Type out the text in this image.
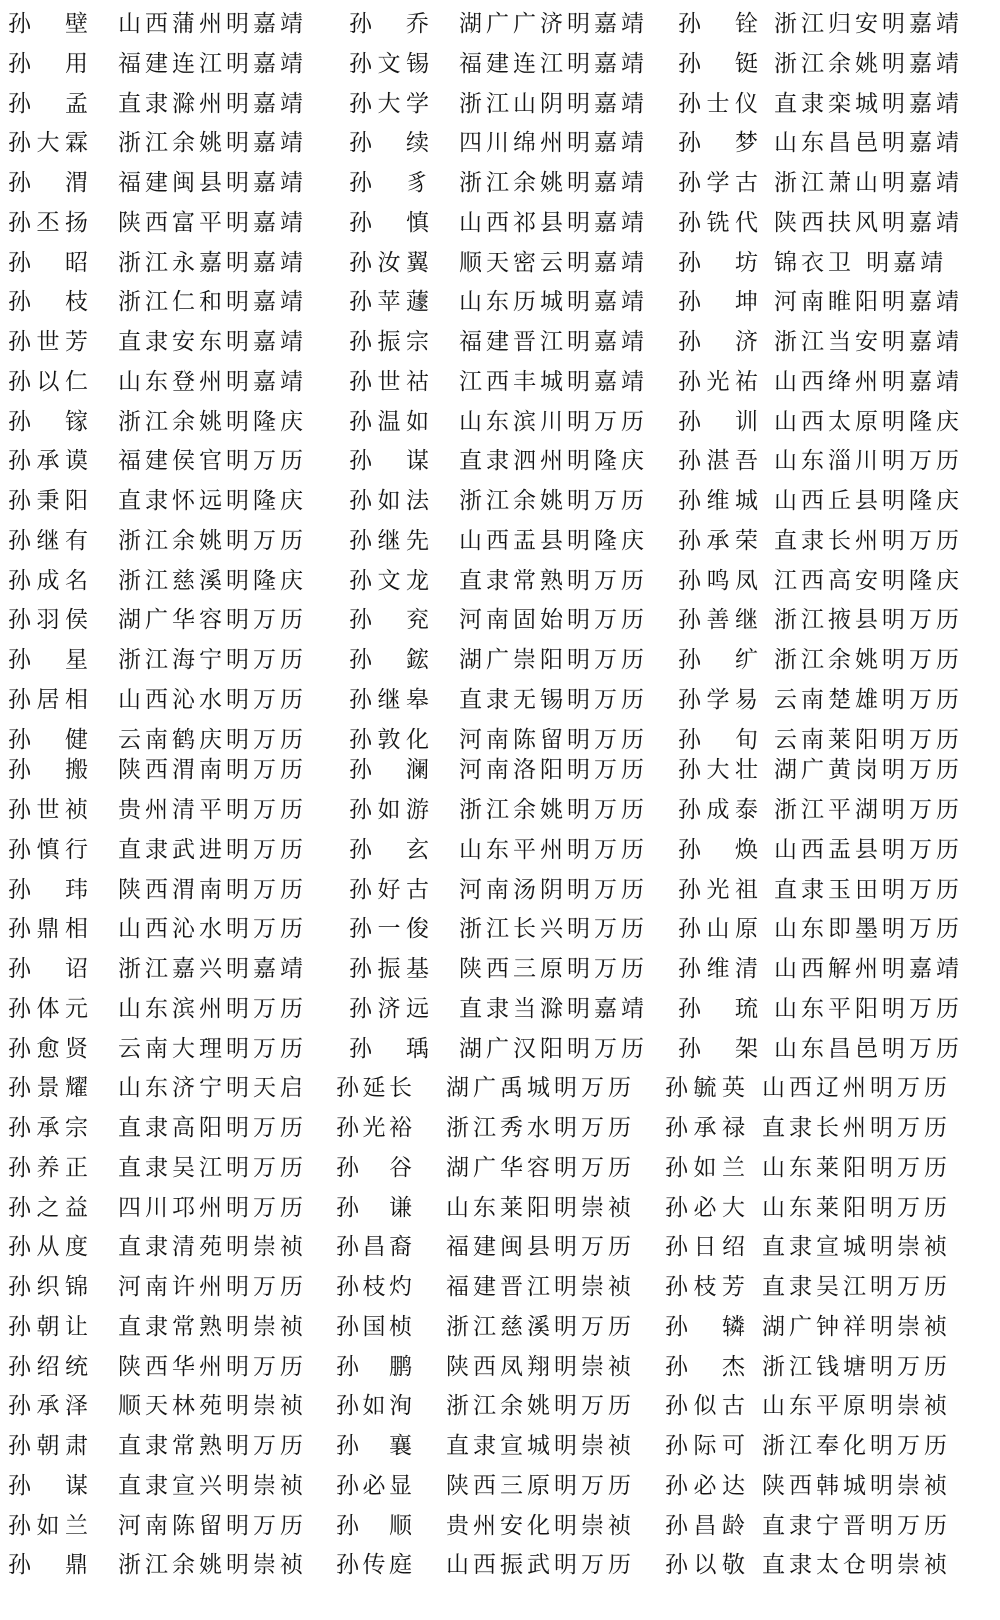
孙 壁 山西蒲州明嘉靖 孙 乔 湖广广济明嘉靖 孙 铨 浙江归安明嘉靖
孙 用 福建连江明嘉靖 孙文锡 福建连江明嘉靖 孙 铤 浙江余姚明嘉靖
孙 孟 直隶滁州明嘉靖 孙大学 浙江山阴明嘉靖 孙士仪 直隶栾城明嘉靖
孙大霖 浙江余姚明嘉靖 孙 续 四川绵州明嘉靖 孙 梦 山东昌邑明嘉靖
孙 渭 福建闽县明嘉靖 孙 豸 浙江余姚明嘉靖 孙学古 浙江萧山明嘉靖
孙丕扬 陕西富平明嘉靖 孙 慎 山西祁县明嘉靖 孙铣代 陕西扶风明嘉靖
孙 昭 浙江永嘉明嘉靖 孙汝翼 顺天密云明嘉靖 孙 坊 锦衣卫 明嘉靖
孙 枝 浙江仁和明嘉靖 孙苹蘧 山东历城明嘉靖 孙 坤 河南睢阳明嘉靖
孙世芳 直隶安东明嘉靖 孙振宗 福建晋江明嘉靖 孙 济 浙江当安明嘉靖
孙以仁 山东登州明嘉靖 孙世祜 江西丰城明嘉靖 孙光祐 山西绛州明嘉靖
孙 镓 浙江余姚明隆庆 孙温如 山东滨川明万历 孙 训 山西太原明隆庆
孙承谟 福建侯官明万历 孙 谋 直隶泗州明隆庆 孙湛吾 山东淄川明万历
孙秉阳 直隶怀远明隆庆 孙如法 浙江余姚明万历 孙维城 山西丘县明隆庆
孙继有 浙江余姚明万历 孙继先 山西盂县明隆庆 孙承荣 直隶长州明万历
孙成名 浙江慈溪明隆庆 孙文龙 直隶常熟明万历 孙鸣凤 江西高安明隆庆
孙羽侯 湖广华容明万历 孙 兖 河南固始明万历 孙善继 浙江掖县明万历
孙 星 浙江海宁明万历 孙 鋐 湖广崇阳明万历 孙 纩 浙江余姚明万历
孙居相 山西沁水明万历 孙继皋 直隶无锡明万历 孙学易 云南楚雄明万历
孙 健 云南鹤庆明万历 孙敦化 河南陈留明万历 孙 旬 云南莱阳明万历
孙 搬 陕西渭南明万历 孙 澜 河南洛阳明万历 孙大壮 湖广黄岗明万历
孙世祯 贵州清平明万历 孙如游 浙江余姚明万历 孙成泰 浙江平湖明万历
孙慎行 直隶武进明万历 孙 玄 山东平州明万历 孙 焕 山西盂县明万历
孙 玮 陕西渭南明万历 孙好古 河南汤阴明万历 孙光祖 直隶玉田明万历
孙鼎相 山西沁水明万历 孙一俊 浙江长兴明万历 孙山原 山东即墨明万历
孙 诏 浙江嘉兴明嘉靖 孙振基 陕西三原明万历 孙维清 山西解州明嘉靖
孙体元 山东滨州明万历 孙济远 直隶当滁明嘉靖 孙 琉 山东平阳明万历
孙愈贤 云南大理明万历 孙 瑀 湖广汉阳明万历 孙 架 山东昌邑明万历
孙景耀 山东济宁明天启 孙延长 湖广禹城明万历 孙毓英 山西辽州明万历
孙承宗 直隶高阳明万历 孙光裕 浙江秀水明万历 孙承禄 直隶长州明万历
孙养正 直隶吴江明万历 孙 谷 湖广华容明万历 孙如兰 山东莱阳明万历
孙之益 四川邛州明万历 孙 谦 山东莱阳明崇祯 孙必大 山东莱阳明万历
孙从度 直隶清苑明崇祯 孙昌裔 福建闽县明万历 孙日绍 直隶宣城明崇祯
孙织锦 河南许州明万历 孙枝灼 福建晋江明崇祯 孙枝芳 直隶吴江明万历
孙朝让 直隶常熟明崇祯 孙国桢 浙江慈溪明万历 孙 辚 湖广钟祥明崇祯
孙绍统 陕西华州明万历 孙 鹏 陕西凤翔明崇祯 孙 杰 浙江钱塘明万历
孙承泽 顺天林苑明崇祯 孙如洵 浙江余姚明万历 孙似古 山东平原明崇祯
孙朝肃 直隶常熟明万历 孙 襄 直隶宣城明崇祯 孙际可 浙江奉化明万历
孙 谋 直隶宣兴明崇祯 孙必显 陕西三原明万历 孙必达 陕西韩城明崇祯
孙如兰 河南陈留明万历 孙 顺 贵州安化明崇祯 孙昌龄 直隶宁晋明万历
孙 鼎 浙江余姚明崇祯 孙传庭 山西振武明万历 孙以敬 直隶太仓明崇祯
